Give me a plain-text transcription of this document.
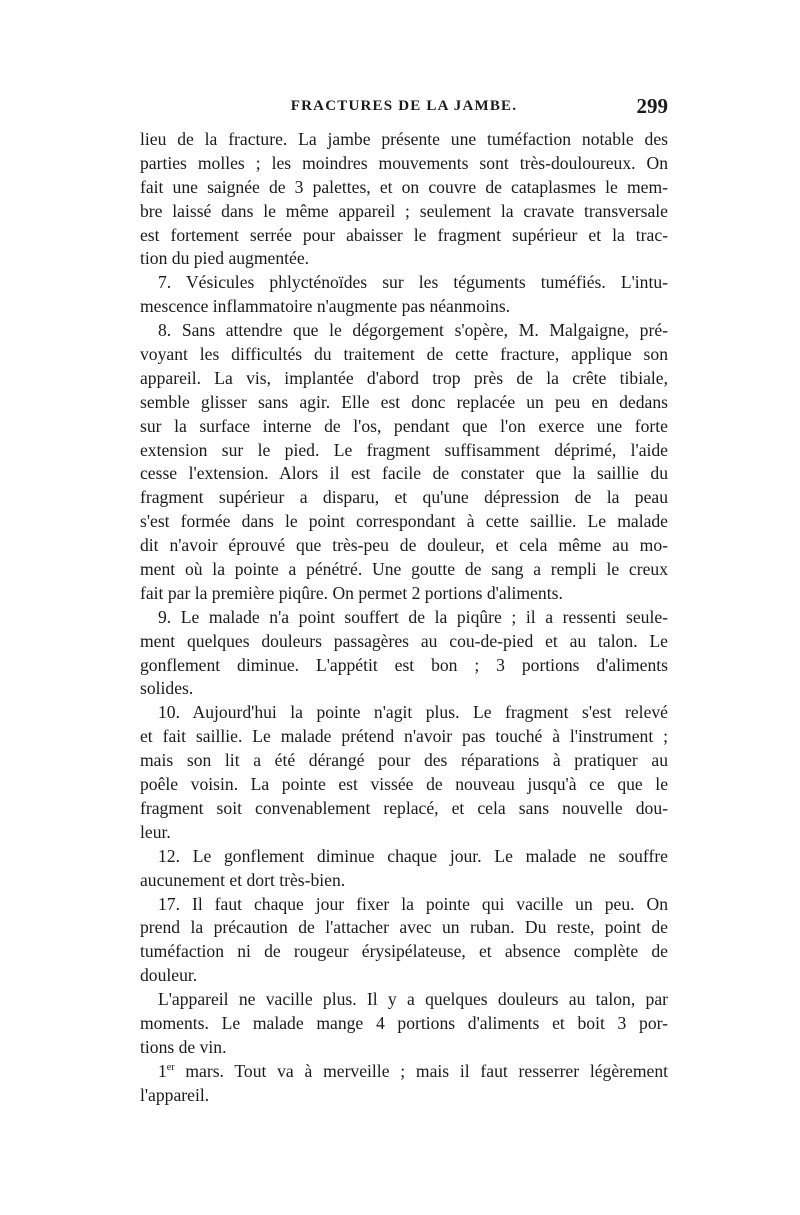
FRACTURES DE LA JAMBE.	299
lieu de la fracture. La jambe présente une tuméfaction notable des
parties molles ; les moindres mouvements sont très-douloureux. On
fait une saignée de 3 palettes, et on couvre de cataplasmes le mem-
bre laissé dans le même appareil ; seulement la cravate transversale
est fortement serrée pour abaisser le fragment supérieur et la trac-
tion du pied augmentée.
7. Vésicules phlycténoïdes sur les téguments tuméfiés. L'intu-
mescence inflammatoire n'augmente pas néanmoins.
8. Sans attendre que le dégorgement s'opère, M. Malgaigne, pré-
voyant les difficultés du traitement de cette fracture, applique son
appareil. La vis, implantée d'abord trop près de la crête tibiale,
semble glisser sans agir. Elle est donc replacée un peu en dedans
sur la surface interne de l'os, pendant que l'on exerce une forte
extension sur le pied. Le fragment suffisamment déprimé, l'aide
cesse l'extension. Alors il est facile de constater que la saillie du
fragment supérieur a disparu, et qu'une dépression de la peau
s'est formée dans le point correspondant à cette saillie. Le malade
dit n'avoir éprouvé que très-peu de douleur, et cela même au mo-
ment où la pointe a pénétré. Une goutte de sang a rempli le creux
fait par la première piqûre. On permet 2 portions d'aliments.
9. Le malade n'a point souffert de la piqûre ; il a ressenti seule-
ment quelques douleurs passagères au cou-de-pied et au talon. Le
gonflement diminue. L'appétit est bon ; 3 portions d'aliments
solides.
10. Aujourd'hui la pointe n'agit plus. Le fragment s'est relevé
et fait saillie. Le malade prétend n'avoir pas touché à l'instrument ;
mais son lit a été dérangé pour des réparations à pratiquer au
poêle voisin. La pointe est vissée de nouveau jusqu'à ce que le
fragment soit convenablement replacé, et cela sans nouvelle dou-
leur.
12. Le gonflement diminue chaque jour. Le malade ne souffre
aucunement et dort très-bien.
17. Il faut chaque jour fixer la pointe qui vacille un peu. On
prend la précaution de l'attacher avec un ruban. Du reste, point de
tuméfaction ni de rougeur érysipélateuse, et absence complète de
douleur.
L'appareil ne vacille plus. Il y a quelques douleurs au talon, par
moments. Le malade mange 4 portions d'aliments et boit 3 por-
tions de vin.
1er mars. Tout va à merveille ; mais il faut resserrer légèrement
l'appareil.
